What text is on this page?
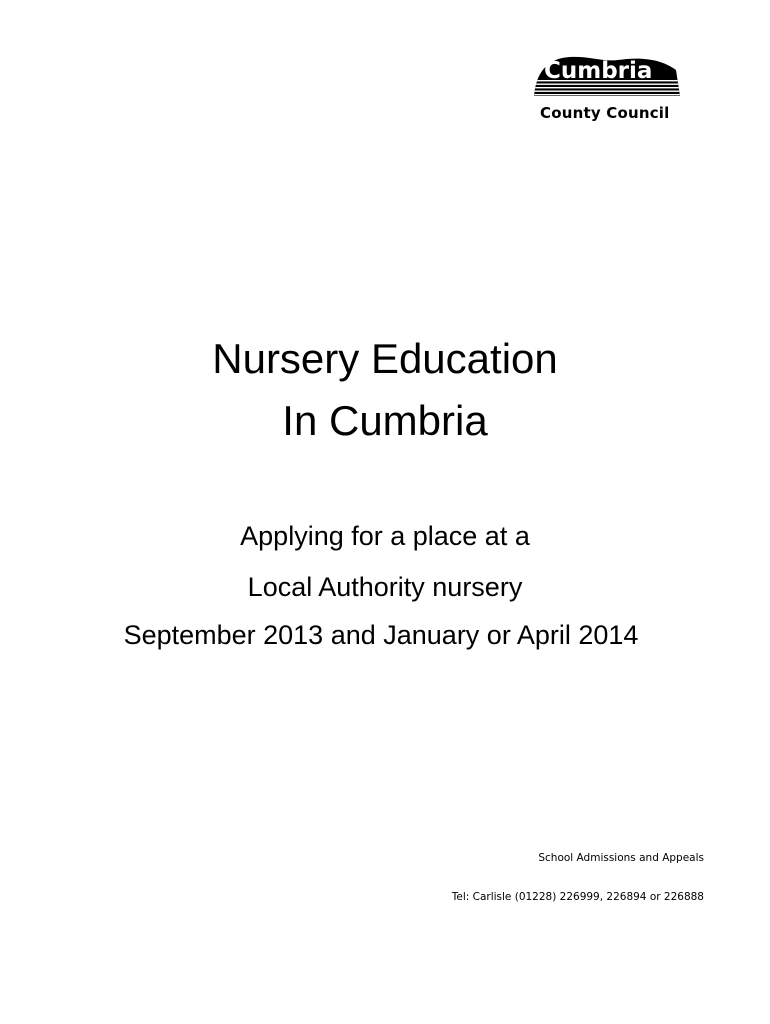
Cumbria
County Council
Nursery Education
In Cumbria
Applying for a place at a
Local Authority nursery
September 2013 and January or April 2014
School Admissions and Appeals
Tel: Carlisle (01228) 226999, 226894 or 226888
